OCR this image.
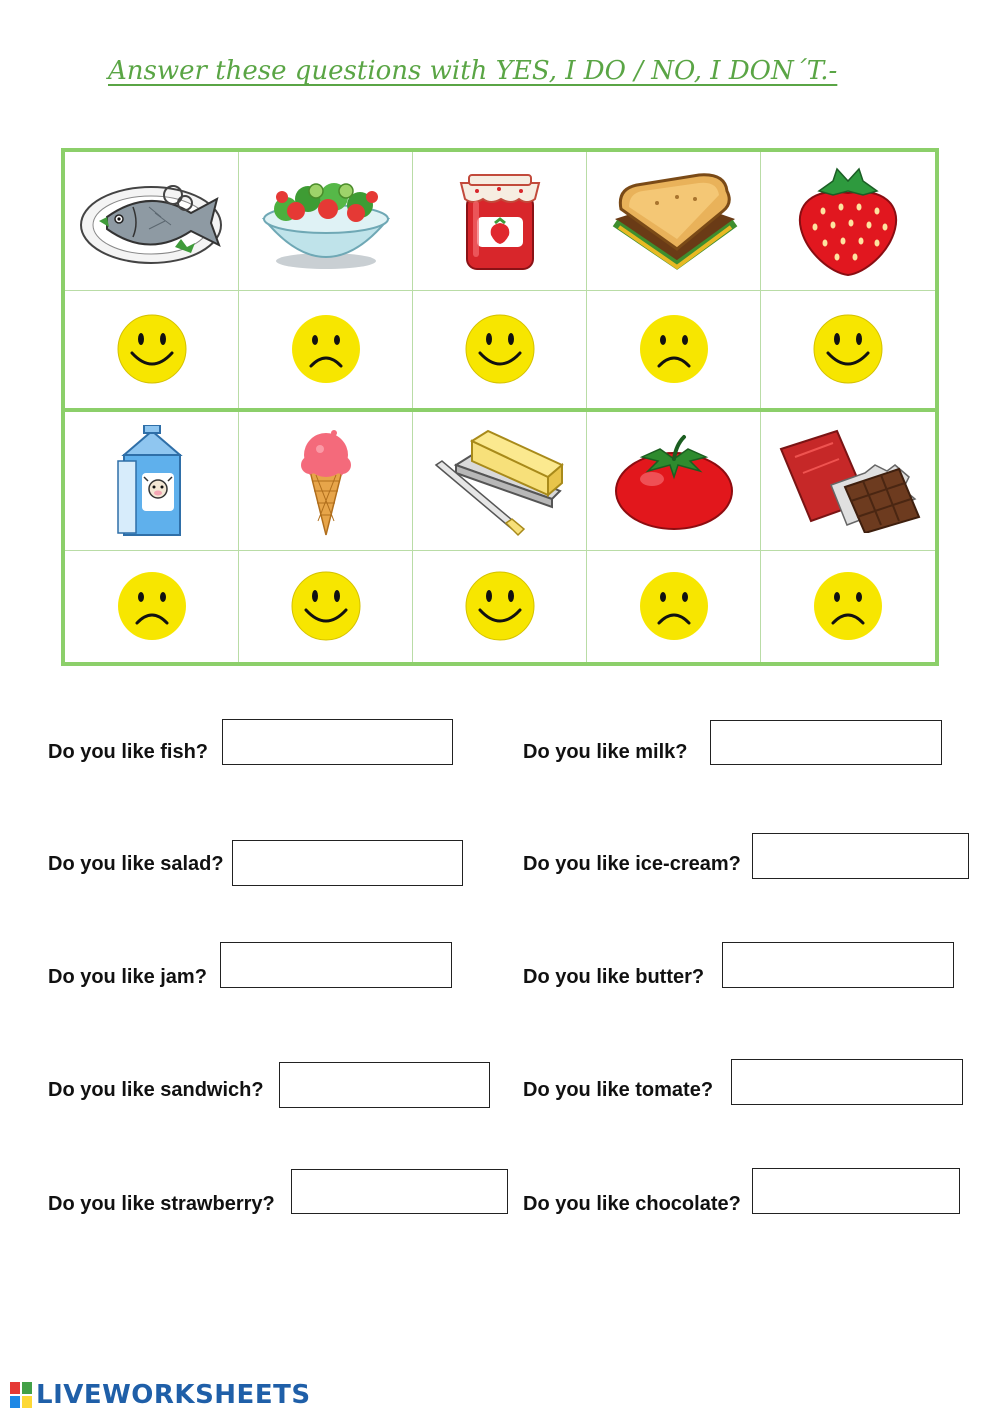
Answer these questions with YES, I DO / NO, I DON´T.-
Do you like fish?
Do you like salad?
Do you like jam?
Do you like sandwich?
Do you like strawberry?
Do you like milk?
Do you like ice-cream?
Do you like butter?
Do you like tomate?
Do you like chocolate?
LIVEWORKSHEETS
